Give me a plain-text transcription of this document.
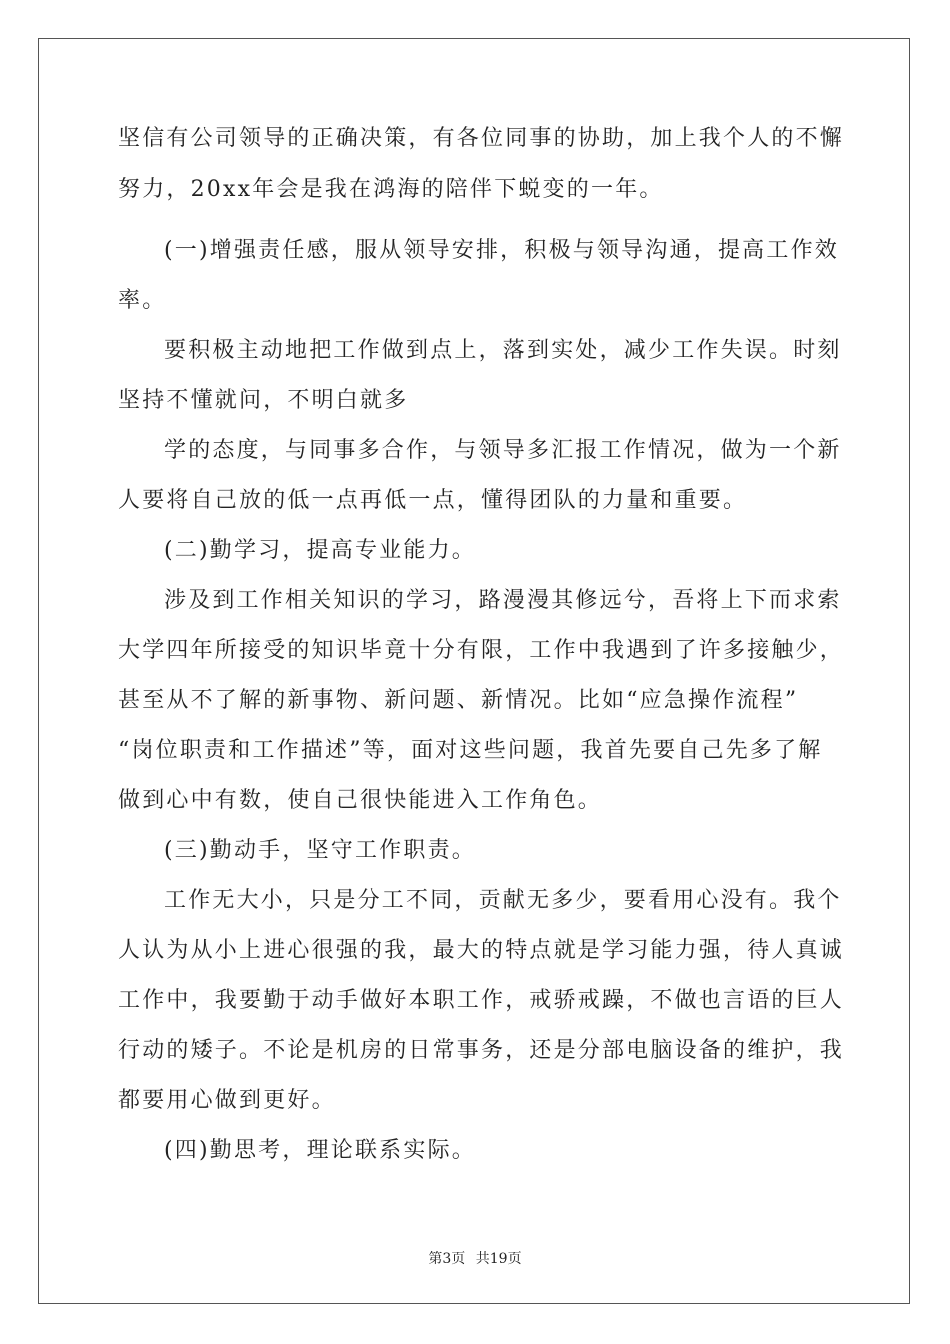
坚信有公司领导的正确决策，有各位同事的协助，加上我个人的不懈
努力，20xx年会是我在鸿海的陪伴下蜕变的一年。
(一)增强责任感，服从领导安排，积极与领导沟通，提高工作效
率。
要积极主动地把工作做到点上，落到实处，减少工作失误。时刻
坚持不懂就问，不明白就多
学的态度，与同事多合作，与领导多汇报工作情况，做为一个新
人要将自己放的低一点再低一点，懂得团队的力量和重要。
(二)勤学习，提高专业能力。
涉及到工作相关知识的学习，路漫漫其修远兮，吾将上下而求索
大学四年所接受的知识毕竟十分有限，工作中我遇到了许多接触少，
甚至从不了解的新事物、新问题、新情况。比如“应急操作流程”
“岗位职责和工作描述”等，面对这些问题，我首先要自己先多了解
做到心中有数，使自己很快能进入工作角色。
(三)勤动手，坚守工作职责。
工作无大小，只是分工不同，贡献无多少，要看用心没有。我个
人认为从小上进心很强的我，最大的特点就是学习能力强，待人真诚
工作中，我要勤于动手做好本职工作，戒骄戒躁，不做也言语的巨人
行动的矮子。不论是机房的日常事务，还是分部电脑设备的维护，我
都要用心做到更好。
(四)勤思考，理论联系实际。
第3页 共19页
